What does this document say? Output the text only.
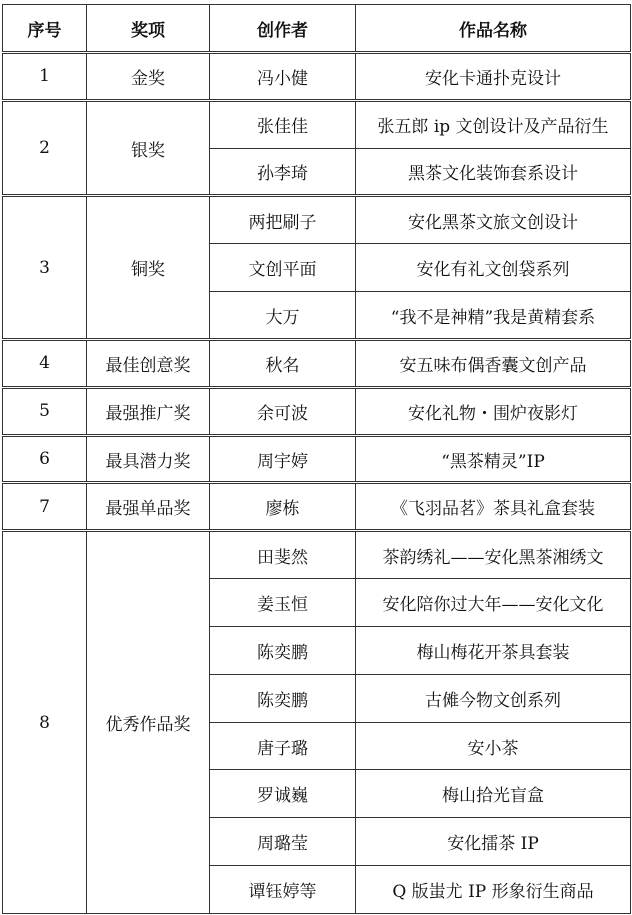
序号	奖项	创作者	作品名称
1	金奖	冯小健	安化卡通扑克设计
2	银奖	张佳佳	张五郎 ip 文创设计及产品衍生
		孙李琦	黑茶文化装饰套系设计
3	铜奖	两把刷子	安化黑茶文旅文创设计
		文创平面	安化有礼文创袋系列
		大万	“我不是神精”我是黄精套系
4	最佳创意奖	秋名	安五味布偶香囊文创产品
5	最强推广奖	余可波	安化礼物・围炉夜影灯
6	最具潜力奖	周宇婷	“黑茶精灵”IP
7	最强单品奖	廖栋	《飞羽品茗》茶具礼盒套装
8	优秀作品奖	田斐然	茶韵绣礼——安化黑茶湘绣文
		姜玉恒	安化陪你过大年——安化文化
		陈奕鹏	梅山梅花开茶具套装
		陈奕鹏	古傩今物文创系列
		唐子璐	安小茶
		罗诚巍	梅山拾光盲盒
		周璐莹	安化擂茶 IP
		谭钰婷等	Q 版蚩尤 IP 形象衍生商品
